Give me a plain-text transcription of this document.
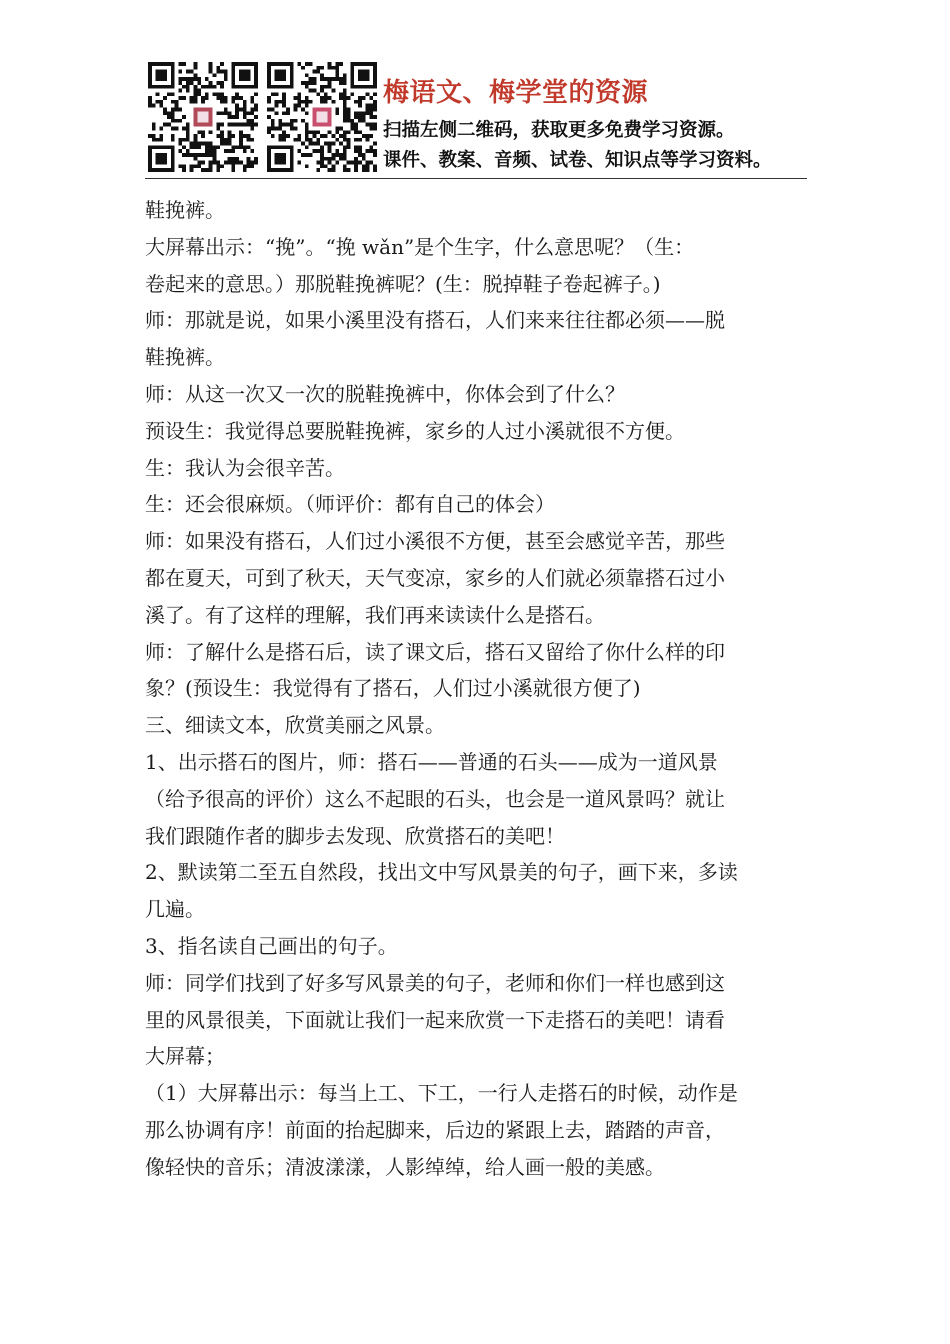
梅语文、梅学堂的资源
扫描左侧二维码，获取更多免费学习资源。
课件、教案、音频、试卷、知识点等学习资料。
鞋挽裤。
大屏幕出示：“挽”。“挽 wǎn”是个生字，什么意思呢？（生：
卷起来的意思。）那脱鞋挽裤呢？(生：脱掉鞋子卷起裤子。)
师：那就是说，如果小溪里没有搭石，人们来来往往都必须——脱
鞋挽裤。
师：从这一次又一次的脱鞋挽裤中，你体会到了什么？
预设生：我觉得总要脱鞋挽裤，家乡的人过小溪就很不方便。
生：我认为会很辛苦。
生：还会很麻烦。（师评价：都有自己的体会）
师：如果没有搭石，人们过小溪很不方便，甚至会感觉辛苦，那些
都在夏天，可到了秋天，天气变凉，家乡的人们就必须靠搭石过小
溪了。有了这样的理解，我们再来读读什么是搭石。
师：了解什么是搭石后，读了课文后，搭石又留给了你什么样的印
象？(预设生：我觉得有了搭石，人们过小溪就很方便了)
三、细读文本，欣赏美丽之风景。
1、出示搭石的图片，师：搭石——普通的石头——成为一道风景
（给予很高的评价）这么不起眼的石头，也会是一道风景吗？就让
我们跟随作者的脚步去发现、欣赏搭石的美吧！
2、默读第二至五自然段，找出文中写风景美的句子，画下来，多读
几遍。
3、指名读自己画出的句子。
师：同学们找到了好多写风景美的句子，老师和你们一样也感到这
里的风景很美，下面就让我们一起来欣赏一下走搭石的美吧！请看
大屏幕；
（1）大屏幕出示：每当上工、下工，一行人走搭石的时候，动作是
那么协调有序！前面的抬起脚来，后边的紧跟上去，踏踏的声音，
像轻快的音乐；清波漾漾，人影绰绰，给人画一般的美感。
